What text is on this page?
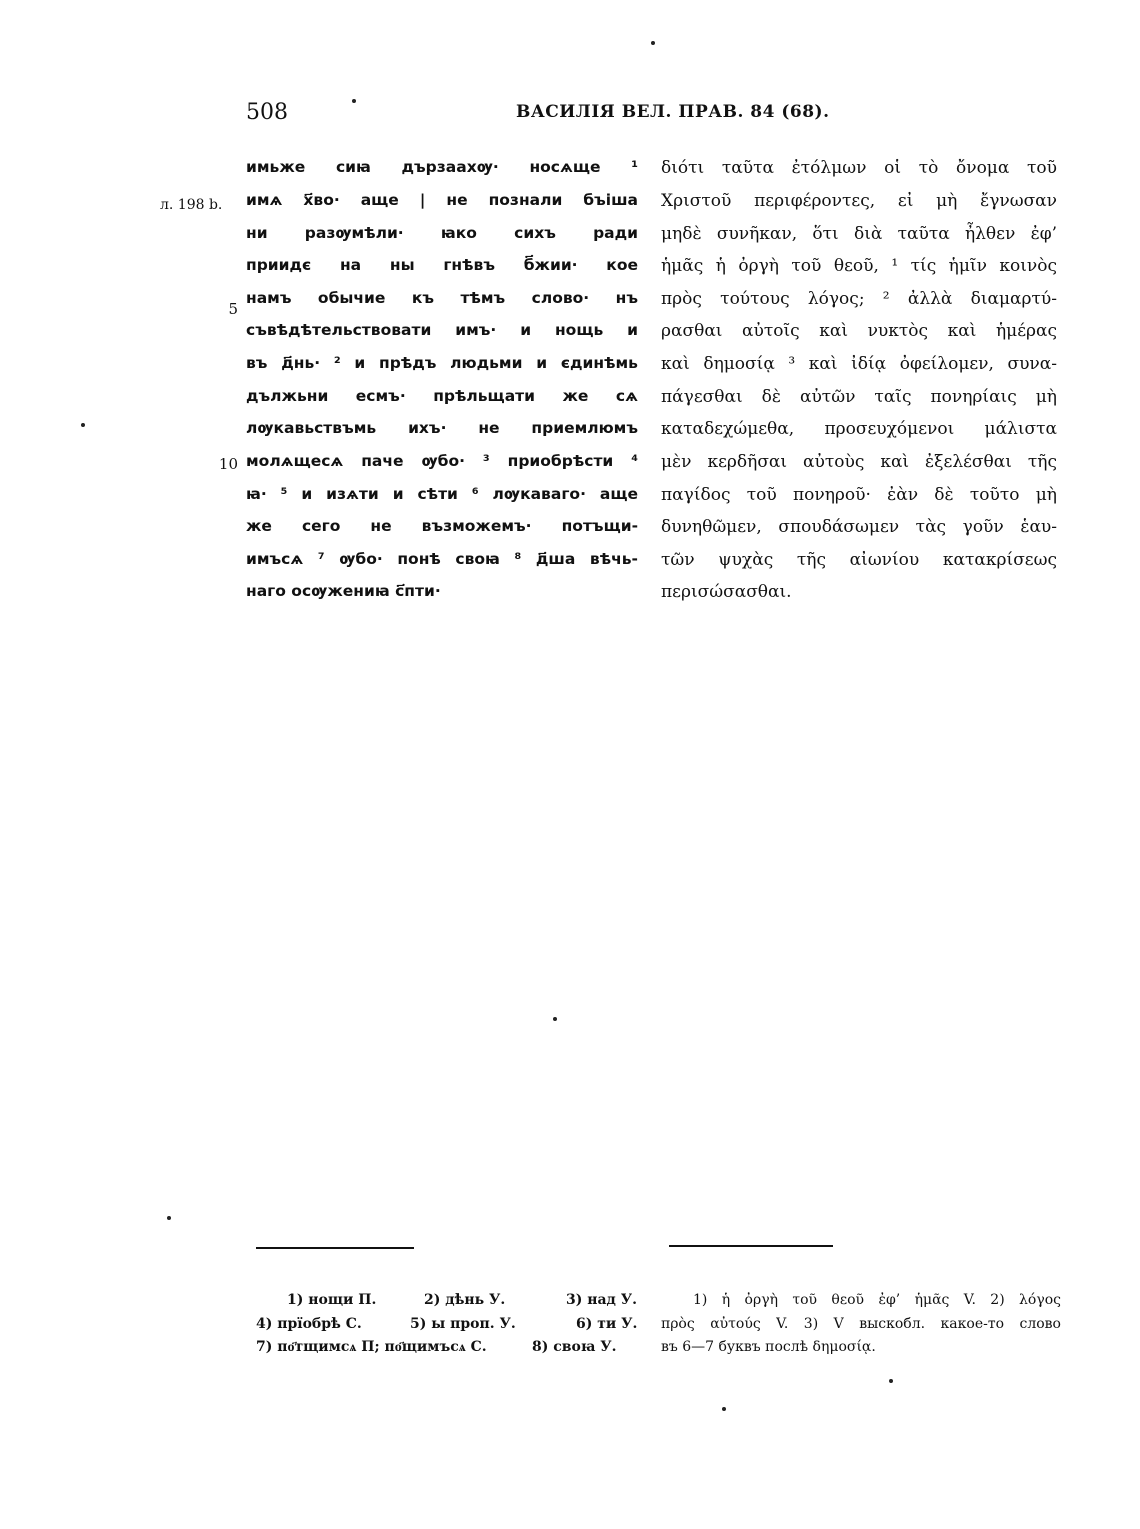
508	ВАСИЛІЯ ВЕЛ. ПРАВ. 84 (68).
л. 198 b.
5
10
имьже сиꙗ дързаахѹ· носѧще ¹
имѧ х҃во· аще | не познали бъіша
ни разѹмѣли· ꙗко сихъ ради
приидє на ны гнѣвъ б҃жии· кое
намъ обычие къ тѣмъ слово· нъ
съвѣдѣтельствовати имъ· и нощь и
въ д҃нь· ² и прѣдъ людьми и єдинѣмь
дължьни есмъ· прѣльщати же сѧ
лѹкавьствъмь ихъ· не приемлюмъ
молѧщесѧ паче ѹбо· ³ приобрѣсти ⁴
ꙗ· ⁵ и изѧти и сѣти ⁶ лѹкаваго· аще
же сего не възможемъ· потъщи-
имъсѧ ⁷ ѹбо· понѣ своꙗ ⁸ д҃ша вѣчь-
наго осѹжениꙗ с҃пти·
διότι ταῦτα ἐτόλμων οἱ τὸ ὄνομα τοῦ
Χριστοῦ περιφέροντες, εἰ μὴ ἔγνωσαν
μηδὲ συνῆκαν, ὅτι διὰ ταῦτα ἦλθεν ἐφ’
ἡμᾶς ἡ ὀργὴ τοῦ θεοῦ, ¹ τίς ἡμῖν κοινὸς
πρὸς τούτους λόγος; ² ἀλλὰ διαμαρτύ-
ρασθαι αὐτοῖς καὶ νυκτὸς καὶ ἡμέρας
καὶ δημοσίᾳ ³ καὶ ἰδίᾳ ὀφείλομεν, συνα-
πάγεσθαι δὲ αὐτῶν ταῖς πονηρίαις μὴ
καταδεχώμεθα, προσευχόμενοι μάλιστα
μὲν κερδῆσαι αὐτοὺς καὶ ἐξελέσθαι τῆς
παγίδος τοῦ πονηροῦ· ἐὰν δὲ τοῦτο μὴ
δυνηθῶμεν, σπουδάσωμεν τὰς γοῦν ἑαυ-
τῶν ψυχὰς τῆς αἰωνίου κατακρίσεως
περισώσασθαι.
1) нощи П.	2) дѣнь У.	3) над У.
4) прїобрѣ С.	5) ы проп. У.	6) ти У.
7) по҃тщимсѧ П; по҃щимъсѧ С.	8) своꙗ У.
1) ἡ ὀργὴ τοῦ θεοῦ ἐφ’ ἡμᾶς V. 2) λόγος
πρὸς αὐτούς V. 3) V выскобл. какое-то слово
въ 6—7 буквъ послѣ δημοσίᾳ.
